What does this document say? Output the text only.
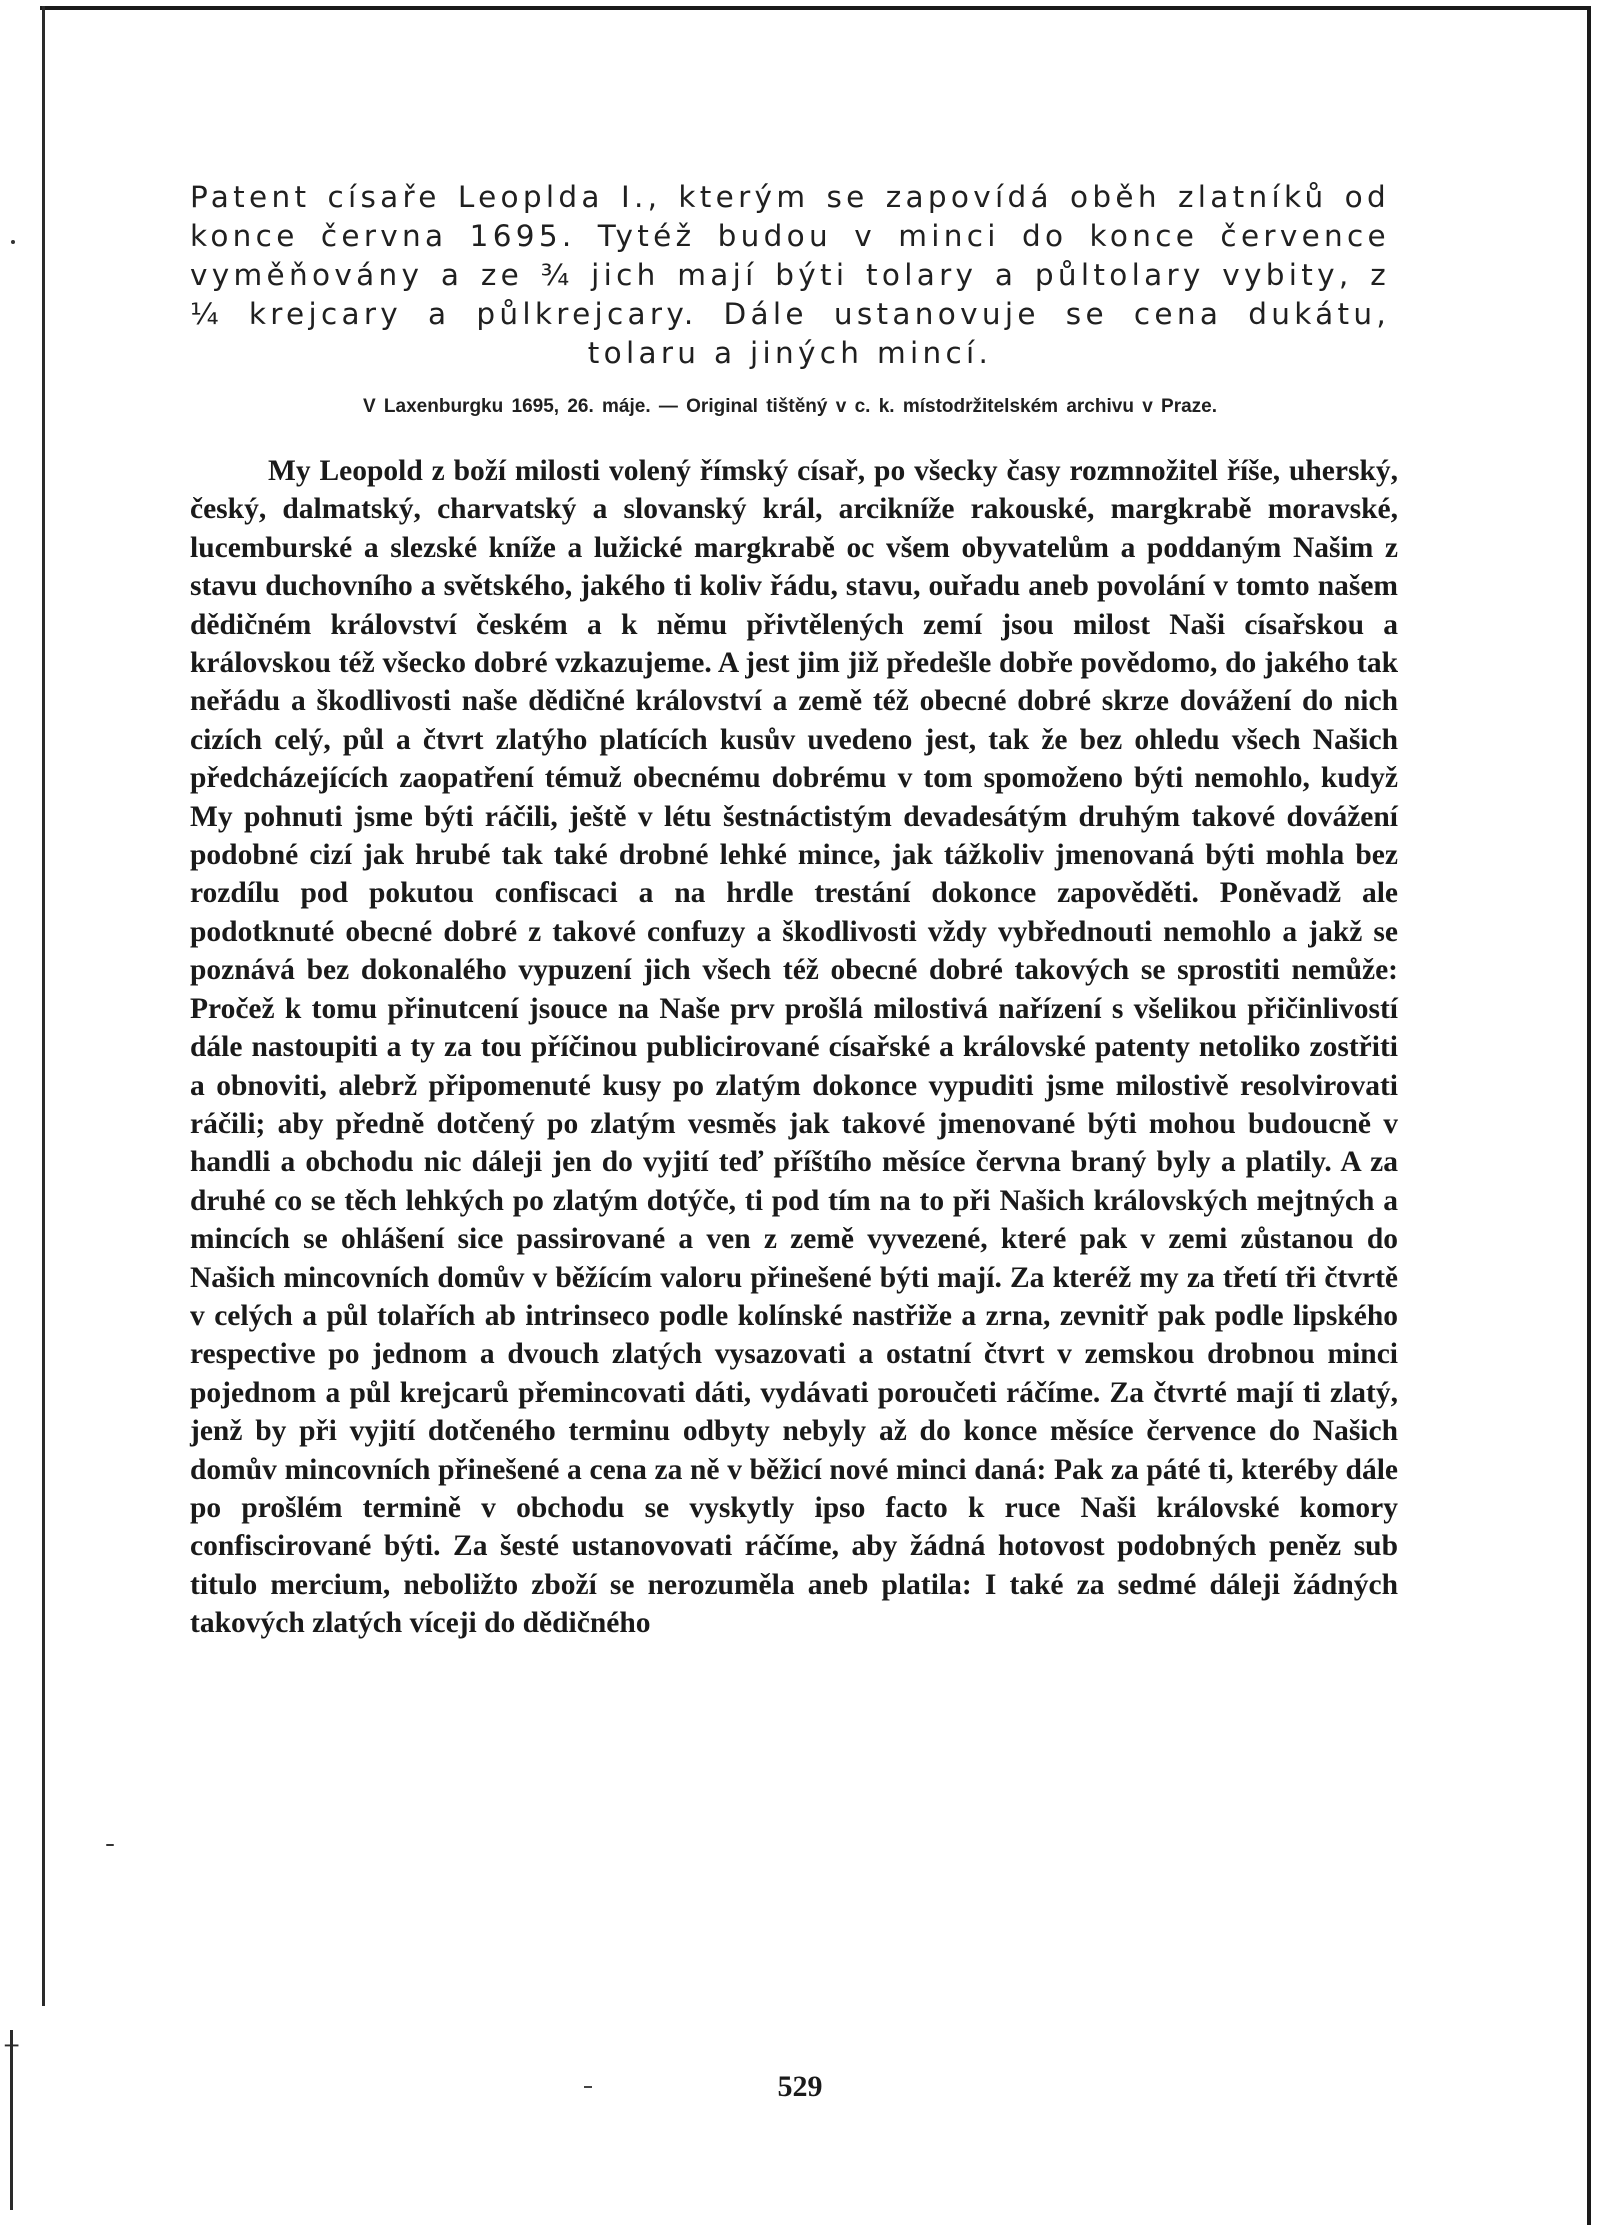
┼
Patent císaře Leoplda I., kterým se zapovídá oběh zlatníků od konce června 1695. Tytéž budou v minci do konce července vyměňovány a ze ¾ jich mají býti tolary a půltolary vybity, z ¼ krejcary a půlkrejcary. Dále ustanovuje se cena dukátu, tolaru a jiných mincí.
V Laxenburgku 1695, 26. máje. — Original tištěný v c. k. místodržitelském archivu v Praze.
My Leopold z boží milosti volený římský císař, po všecky časy rozmnožitel říše, uherský, český, dalmatský, charvatský a slovanský král, arcikníže rakouské, margkrabě moravské, lucemburské a slezské kníže a lužické margkrabě oc všem obyvatelům a poddaným Našim z stavu duchovního a světského, jakého ti koliv řádu, stavu, ouřadu aneb povolání v tomto našem dědičném království českém a k němu přivtělených zemí jsou milost Naši císařskou a královskou též všecko dobré vzkazujeme. A jest jim již předešle dobře povědomo, do jakého tak neřádu a škodlivosti naše dědičné království a země též obecné dobré skrze dovážení do nich cizích celý, půl a čtvrt zlatýho platících kusův uvedeno jest, tak že bez ohledu všech Našich předcházejících zaopatření témuž obecnému dobrému v tom spomoženo býti nemohlo, kudyž My pohnuti jsme býti ráčili, ještě v létu šestnáctistým devadesátým druhým takové dovážení podobné cizí jak hrubé tak také drobné lehké mince, jak tážkoliv jmenovaná býti mohla bez rozdílu pod pokutou confiscaci a na hrdle trestání dokonce zapověděti. Poněvadž ale podotknuté obecné dobré z takové confuzy a škodlivosti vždy vybřednouti nemohlo a jakž se poznává bez dokonalého vypuzení jich všech též obecné dobré takových se sprostiti nemůže: Pročež k tomu přinutcení jsouce na Naše prv prošlá milostivá nařízení s všelikou přičinlivostí dále nastoupiti a ty za tou příčinou publicirované císařské a královské patenty netoliko zostřiti a obnoviti, alebrž připomenuté kusy po zlatým dokonce vypuditi jsme milostivě resolvirovati ráčili; aby předně dotčený po zlatým vesměs jak takové jmenované býti mohou budoucně v handli a obchodu nic dáleji jen do vyjití teď příštího měsíce června braný byly a platily. A za druhé co se těch lehkých po zlatým dotýče, ti pod tím na to při Našich královských mejtných a mincích se ohlášení sice passirované a ven z země vyvezené, které pak v zemi zůstanou do Našich mincovních domův v běžícím valoru přinešené býti mají. Za kteréž my za třetí tři čtvrtě v celých a půl tolařích ab intrinseco podle kolínské nastřiže a zrna, zevnitř pak podle lipského respective po jednom a dvouch zlatých vysazovati a ostatní čtvrt v zemskou drobnou minci pojednom a půl krejcarů přemincovati dáti, vydávati poroučeti ráčíme. Za čtvrté mají ti zlatý, jenž by při vyjití dotčeného terminu odbyty nebyly až do konce měsíce července do Našich domův mincovních přinešené a cena za ně v běžicí nové minci daná: Pak za páté ti, kteréby dále po prošlém termině v obchodu se vyskytly ipso facto k ruce Naši královské komory confiscirované býti. Za šesté ustanovovati ráčíme, aby žádná hotovost podobných peněz sub titulo mercium, neboližto zboží se nerozuměla aneb platila: I také za sedmé dáleji žádných takových zlatých víceji do dědičného
529
